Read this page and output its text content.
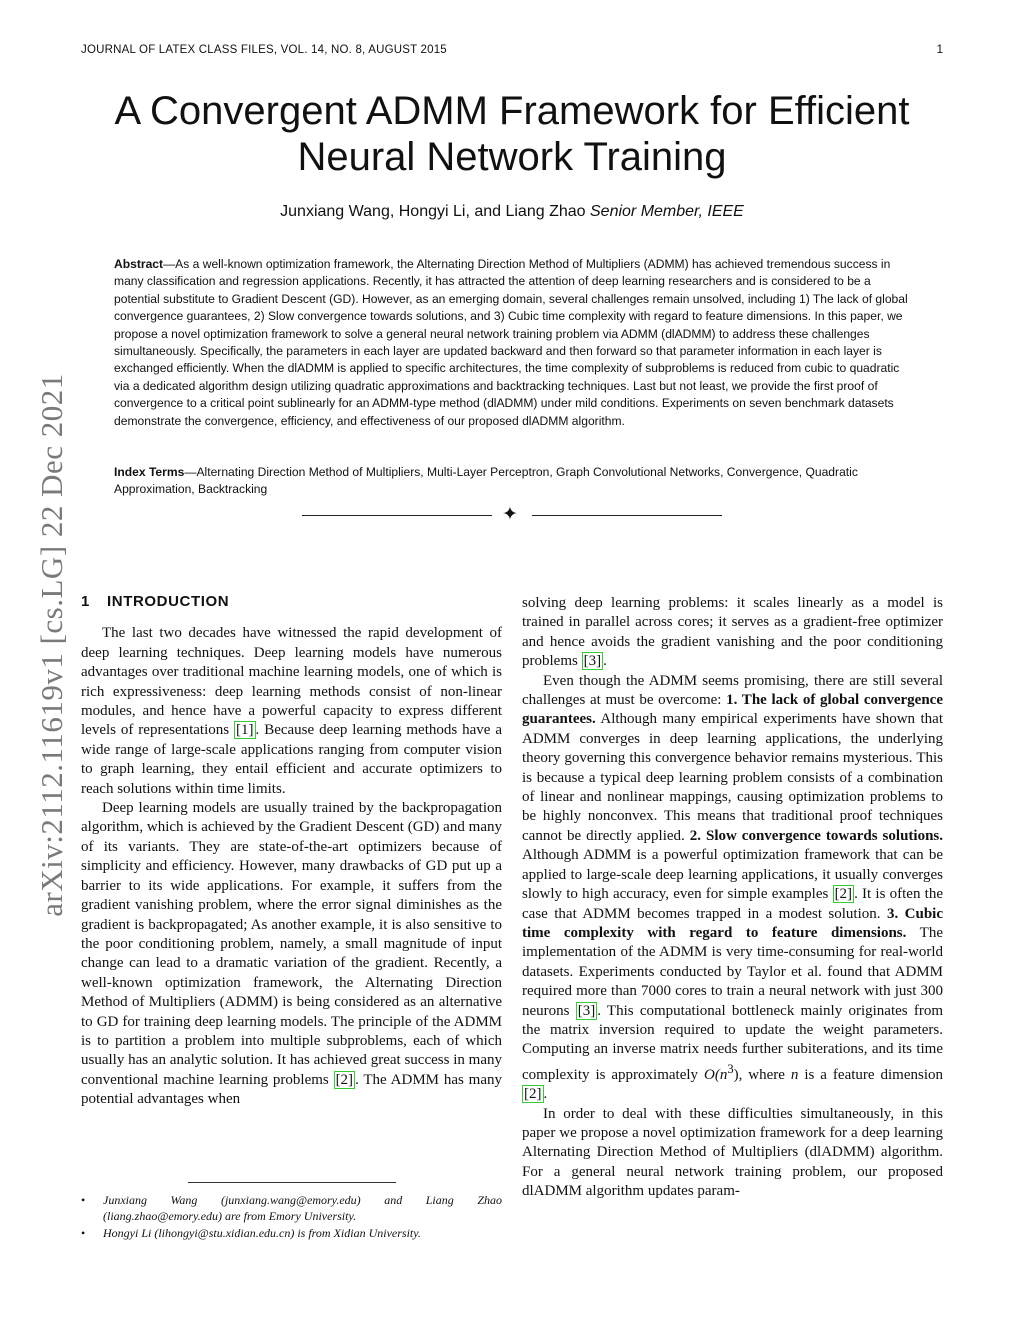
JOURNAL OF LATEX CLASS FILES, VOL. 14, NO. 8, AUGUST 2015	1
A Convergent ADMM Framework for Efficient Neural Network Training
Junxiang Wang, Hongyi Li, and Liang Zhao Senior Member, IEEE

Abstract—As a well-known optimization framework, the Alternating Direction Method of Multipliers (ADMM) has achieved tremendous success in many classification and regression applications. Recently, it has attracted the attention of deep learning researchers and is considered to be a potential substitute to Gradient Descent (GD). However, as an emerging domain, several challenges remain unsolved, including 1) The lack of global convergence guarantees, 2) Slow convergence towards solutions, and 3) Cubic time complexity with regard to feature dimensions. In this paper, we propose a novel optimization framework to solve a general neural network training problem via ADMM (dlADMM) to address these challenges simultaneously. Specifically, the parameters in each layer are updated backward and then forward so that parameter information in each layer is exchanged efficiently. When the dlADMM is applied to specific architectures, the time complexity of subproblems is reduced from cubic to quadratic via a dedicated algorithm design utilizing quadratic approximations and backtracking techniques. Last but not least, we provide the first proof of convergence to a critical point sublinearly for an ADMM-type method (dlADMM) under mild conditions. Experiments on seven benchmark datasets demonstrate the convergence, efficiency, and effectiveness of our proposed dlADMM algorithm.

Index Terms—Alternating Direction Method of Multipliers, Multi-Layer Perceptron, Graph Convolutional Networks, Convergence, Quadratic Approximation, Backtracking

✦
arXiv:2112.11619v1 [cs.LG] 22 Dec 2021 1 INTRODUCTION

The last two decades have witnessed the rapid development of deep learning techniques. Deep learning models have numerous advantages over traditional machine learning models, one of which is rich expressiveness: deep learning methods consist of non-linear modules, and hence have a powerful capacity to express different levels of representations [1] . Because deep learning methods have a wide range of large-scale applications ranging from computer vision to graph learning, they entail efficient and accurate optimizers to reach solutions within time limits.

Deep learning models are usually trained by the backpropagation algorithm, which is achieved by the Gradient Descent (GD) and many of its variants. They are state-of-the-art optimizers because of simplicity and efficiency. However, many drawbacks of GD put up a barrier to its wide applications. For example, it suffers from the gradient vanishing problem, where the error signal diminishes as the gradient is backpropagated; As another example, it is also sensitive to the poor conditioning problem, namely, a small magnitude of input change can lead to a dramatic variation of the gradient. Recently, a well-known optimization framework, the Alternating Direction Method of Multipliers (ADMM) is being considered as an alternative to GD for training deep learning models. The principle of the ADMM is to partition a problem into multiple subproblems, each of which usually has an analytic solution. It has achieved great success in many conventional machine learning problems [2] . The ADMM has many potential advantages when

• Junxiang Wang (junxiang.wang@emory.edu) and Liang Zhao (liang.zhao@emory.edu) are from Emory University.
• Hongyi Li (lihongyi@stu.xidian.edu.cn) is from Xidian University.

solving deep learning problems: it scales linearly as a model is trained in parallel across cores; it serves as a gradient-free optimizer and hence avoids the gradient vanishing and the poor conditioning problems [3] .

Even though the ADMM seems promising, there are still several challenges at must be overcome: 1. The lack of global convergence guarantees. Although many empirical experiments have shown that ADMM converges in deep learning applications, the underlying theory governing this convergence behavior remains mysterious. This is because a typical deep learning problem consists of a combination of linear and nonlinear mappings, causing optimization problems to be highly nonconvex. This means that traditional proof techniques cannot be directly applied. 2. Slow convergence towards solutions. Although ADMM is a powerful optimization framework that can be applied to large-scale deep learning applications, it usually converges slowly to high accuracy, even for simple examples [2] . It is often the case that ADMM becomes trapped in a modest solution. 3. Cubic time complexity with regard to feature dimensions. The implementation of the ADMM is very time-consuming for real-world datasets. Experiments conducted by Taylor et al. found that ADMM required more than 7000 cores to train a neural network with just 300 neurons [3] . This computational bottleneck mainly originates from the matrix inversion required to update the weight parameters. Computing an inverse matrix needs further subiterations, and its time complexity is approximately $O(n^3)$, where n is a feature dimension [2] .

In order to deal with these difficulties simultaneously, in this paper we propose a novel optimization framework for a deep learning Alternating Direction Method of Multipliers (dlADMM) algorithm. For a general neural network training problem, our proposed dlADMM algorithm updates param-
